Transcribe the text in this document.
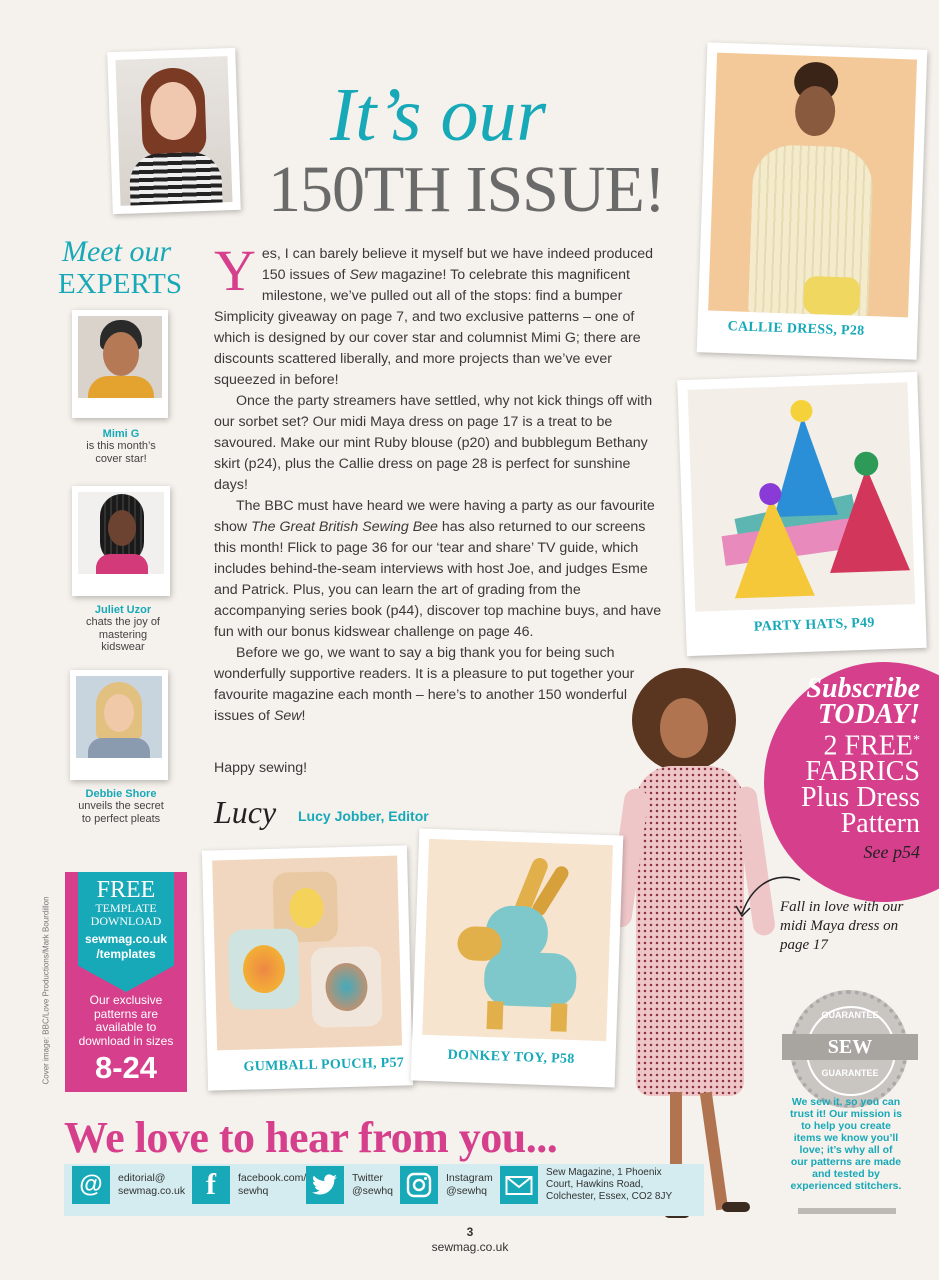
It’s our
150TH ISSUE!
Meet our
EXPERTS
Mimi G
is this month’s cover star!
Juliet Uzor
chats the joy of mastering kidswear
Debbie Shore
unveils the secret to perfect pleats

Yes, I can barely believe it myself but we have indeed produced 150 issues of Sew magazine! To celebrate this magnificent milestone, we’ve pulled out all of the stops: find a bumper Simplicity giveaway on page 7, and two exclusive patterns – one of which is designed by our cover star and columnist Mimi G; there are discounts scattered liberally, and more projects than we’ve ever squeezed in before!

Once the party streamers have settled, why not kick things off with our sorbet set? Our midi Maya dress on page 17 is a treat to be savoured. Make our mint Ruby blouse (p20) and bubblegum Bethany skirt (p24), plus the Callie dress on page 28 is perfect for sunshine days!

The BBC must have heard we were having a party as our favourite show The Great British Sewing Bee has also returned to our screens this month! Flick to page 36 for our ‘tear and share’ TV guide, which includes behind-the-seam interviews with host Joe, and judges Esme and Patrick. Plus, you can learn the art of grading from the accompanying series book (p44), discover top machine buys, and have fun with our bonus kidswear challenge on page 46.

Before we go, we want to say a big thank you for being such wonderfully supportive readers. It is a pleasure to put together your favourite magazine each month – here’s to another 150 wonderful issues of Sew!

Happy sewing!
Lucy Lucy Jobber, Editor
CALLIE DRESS, P28
PARTY HATS, P49
Subscribe
TODAY!
2 FREE*
FABRICS
Plus Dress
Pattern
See p54
Fall in love with our midi Maya dress on page 17
GUARANTEE
SEW
GUARANTEE
We sew it, so you can trust it! Our mission is to help you create items we know you’ll love; it’s why all of our patterns are made and tested by experienced stitchers.
GUMBALL POUCH, P57	DONKEY TOY, P58
FREE
TEMPLATE
DOWNLOAD
sewmag.co.uk
/templates
Our exclusive patterns are available to download in sizes
8-24
Cover image: BBC/Love Productions/Mark Bourdillon
We love to hear from you...
@	editorial@
sewmag.co.uk f	facebook.com/
sewhq
Twitter
@sewhq
Instagram
@sewhq
Sew Magazine, 1 Phoenix
Court, Hawkins Road,
Colchester, Essex, CO2 8JY
3
sewmag.co.uk
